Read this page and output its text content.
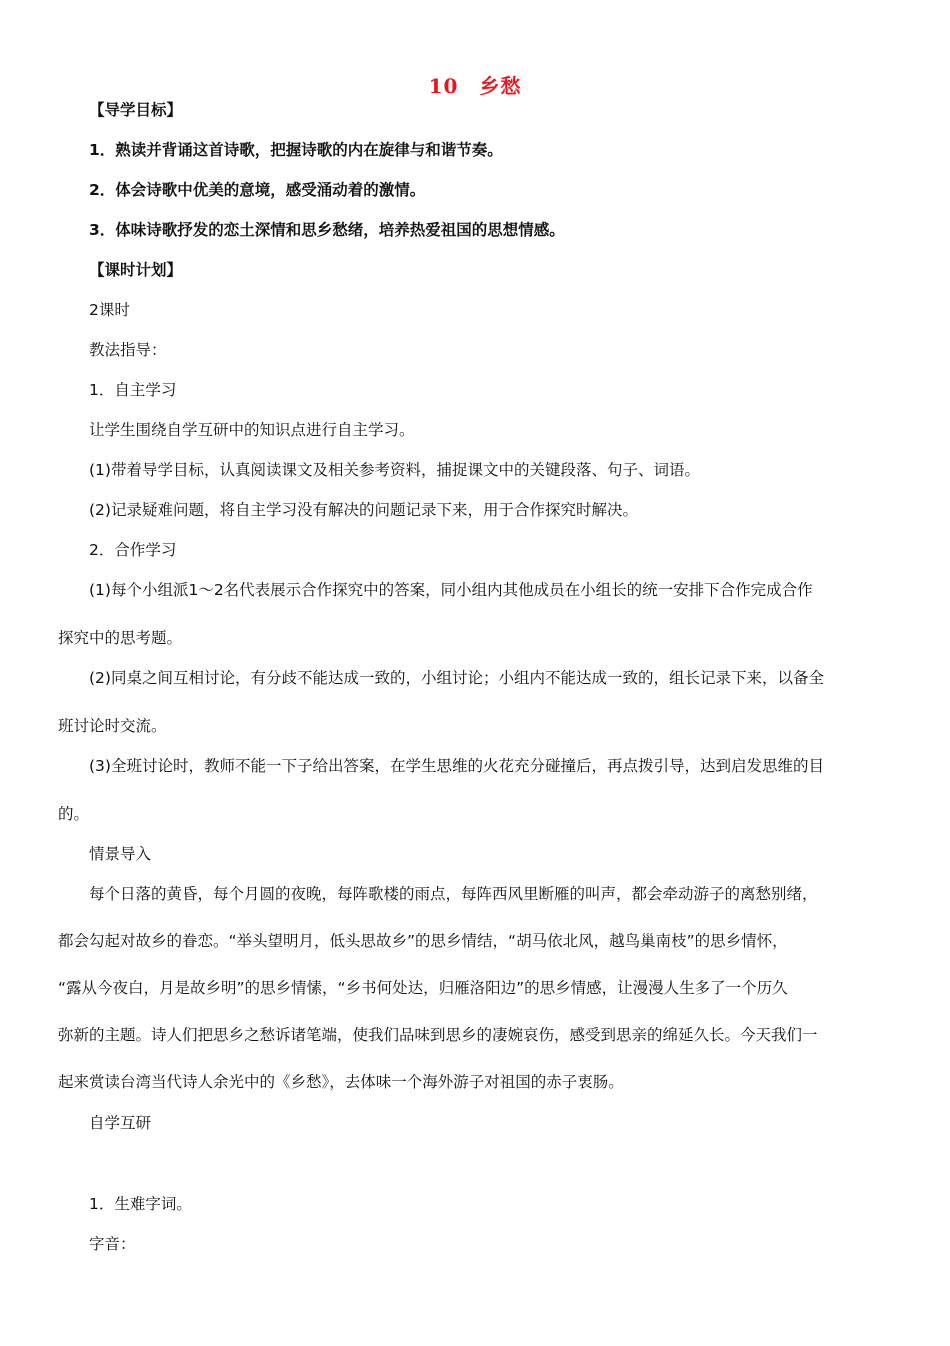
10　乡愁
【导学目标】
1．熟读并背诵这首诗歌，把握诗歌的内在旋律与和谐节奏。
2．体会诗歌中优美的意境，感受涌动着的激情。
3．体味诗歌抒发的恋土深情和思乡愁绪，培养热爱祖国的思想情感。
【课时计划】
2课时
教法指导：
1．自主学习
让学生围绕自学互研中的知识点进行自主学习。
(1)带着导学目标，认真阅读课文及相关参考资料，捕捉课文中的关键段落、句子、词语。
(2)记录疑难问题，将自主学习没有解决的问题记录下来，用于合作探究时解决。
2．合作学习
(1)每个小组派1～2名代表展示合作探究中的答案，同小组内其他成员在小组长的统一安排下合作完成合作
探究中的思考题。
(2)同桌之间互相讨论，有分歧不能达成一致的，小组讨论；小组内不能达成一致的，组长记录下来，以备全
班讨论时交流。
(3)全班讨论时，教师不能一下子给出答案，在学生思维的火花充分碰撞后，再点拨引导，达到启发思维的目
的。
情景导入
每个日落的黄昏，每个月圆的夜晚，每阵歌楼的雨点，每阵西风里断雁的叫声，都会牵动游子的离愁别绪，
都会勾起对故乡的眷恋。“举头望明月，低头思故乡”的思乡情结，“胡马依北风，越鸟巢南枝”的思乡情怀，
“露从今夜白，月是故乡明”的思乡情愫，“乡书何处达，归雁洛阳边”的思乡情感，让漫漫人生多了一个历久
弥新的主题。诗人们把思乡之愁诉诸笔端，使我们品味到思乡的凄婉哀伤，感受到思亲的绵延久长。今天我们一
起来赏读台湾当代诗人余光中的《乡愁》，去体味一个海外游子对祖国的赤子衷肠。
自学互研
1．生难字词。
字音：
